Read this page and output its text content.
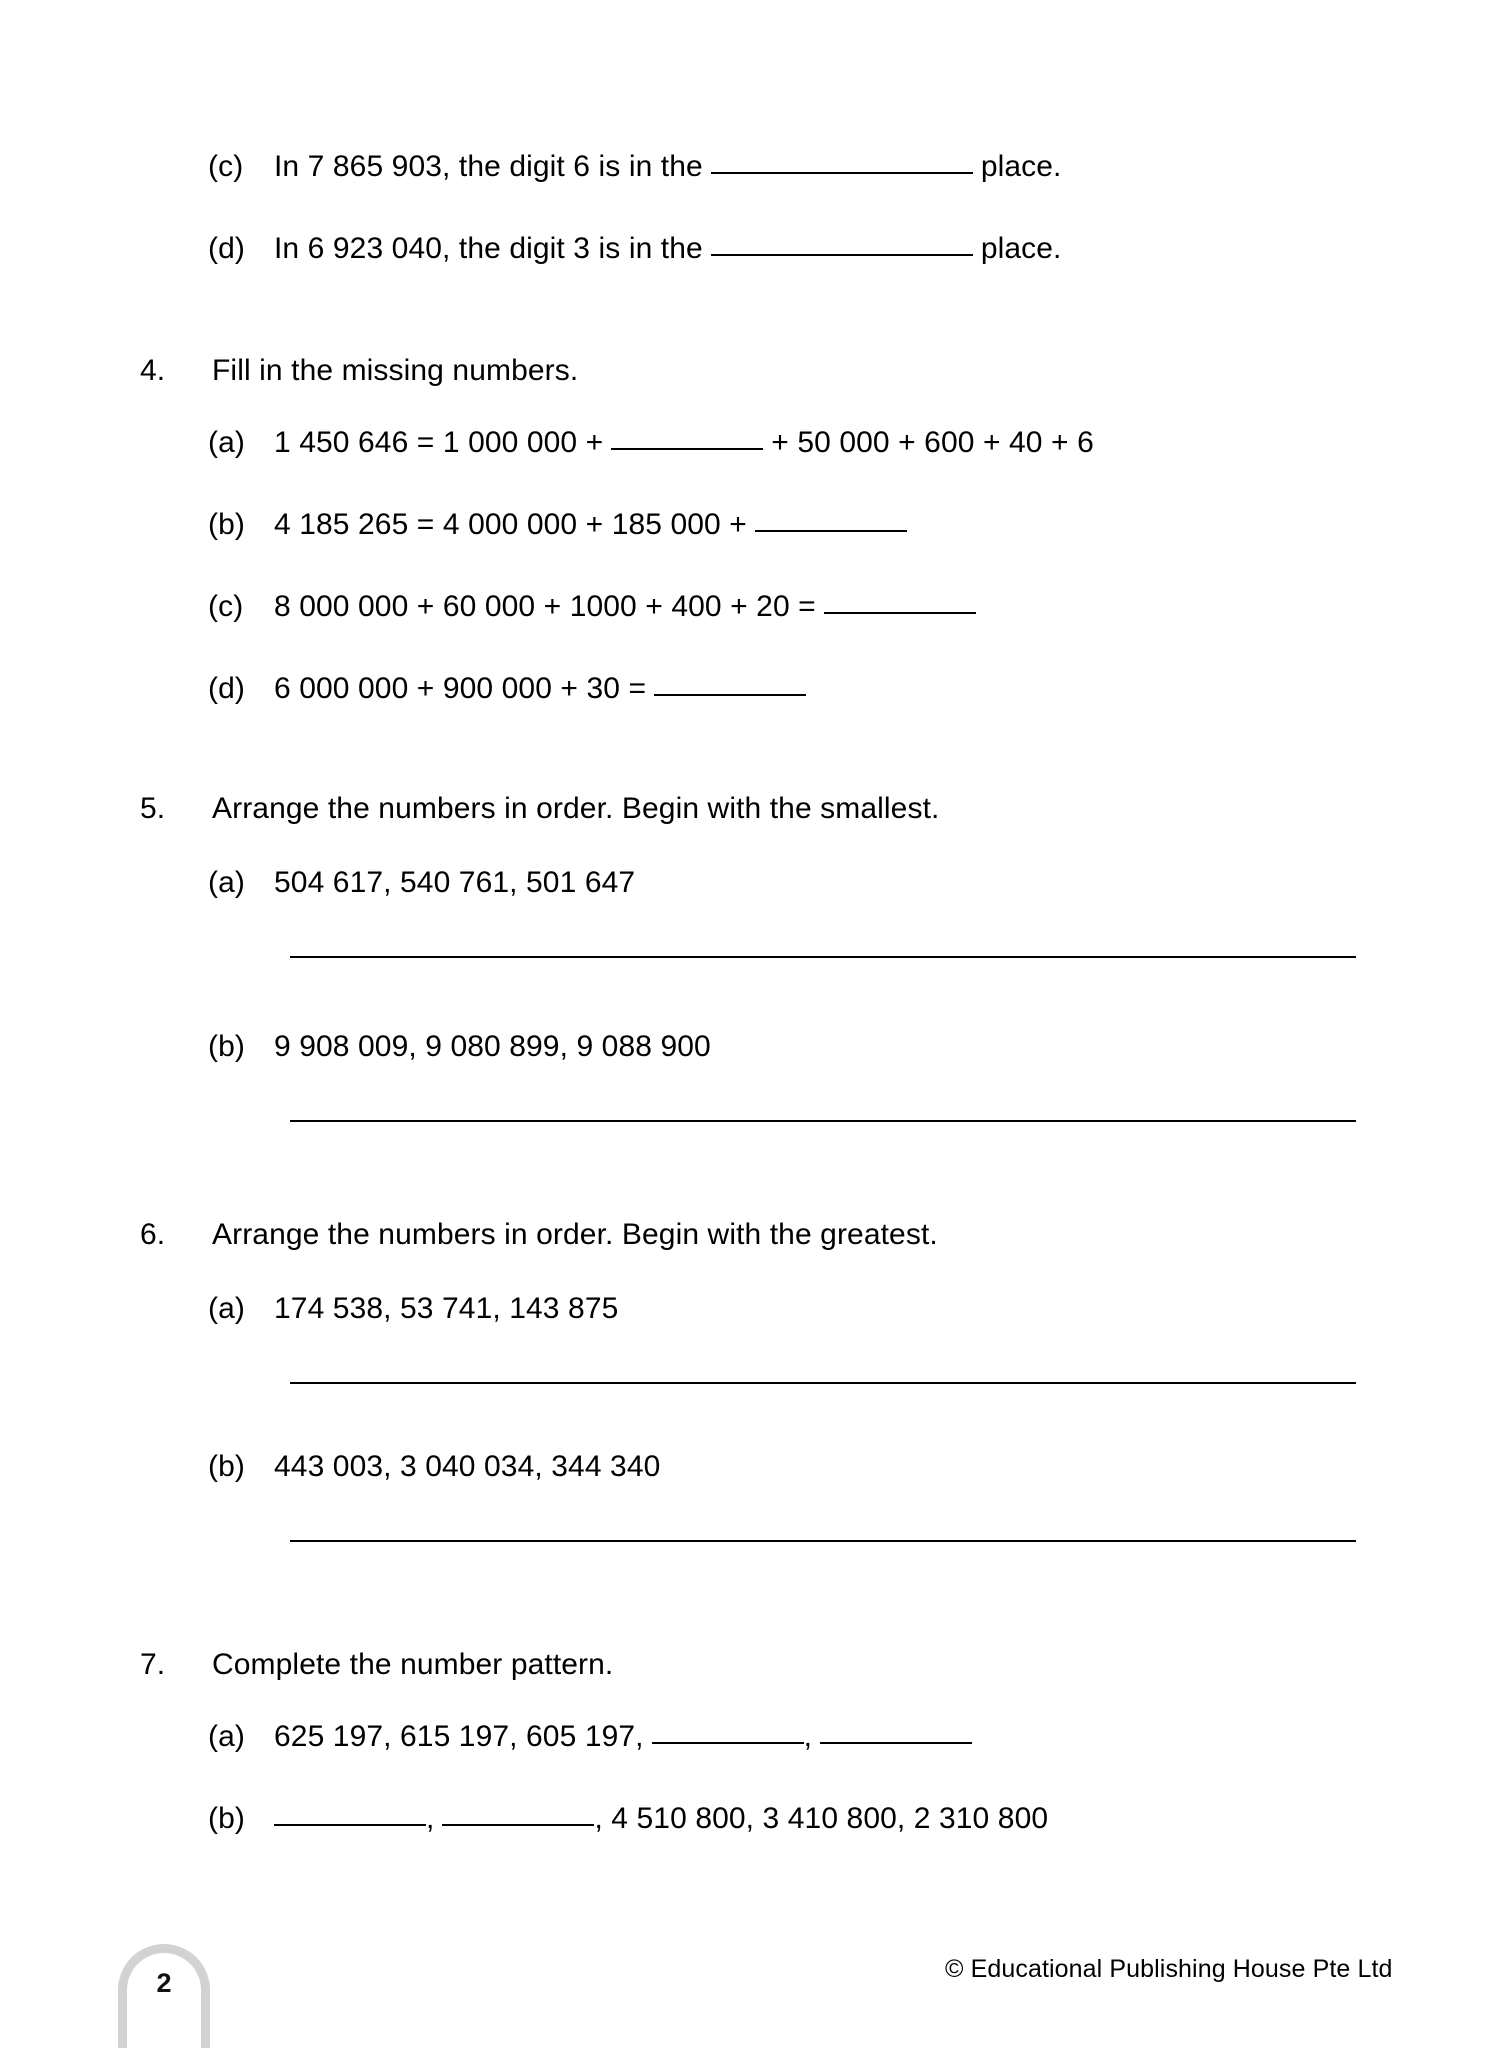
(c)	In 7 865 903, the digit 6 is in the	place.
(d) In 6 923 040, the digit 3 is in the	place.
4.	Fill in the missing numbers.
(a) 1 450 646 = 1 000 000 +	+ 50 000 + 600 + 40 + 6
(b) 4 185 265 = 4 000 000 + 185 000 +
(c)	8 000 000 + 60 000 + 1000 + 400 + 20 =
(d) 6 000 000 + 900 000 + 30 =
5.	Arrange the numbers in order. Begin with the smallest.
(a) 504 617, 540 761, 501 647
(b) 9 908 009, 9 080 899, 9 088 900
6.	Arrange the numbers in order. Begin with the greatest.
(a) 174 538, 53 741, 143 875
(b) 443 003, 3 040 034, 344 340
7.	Complete the number pattern.
(a) 625 197, 615 197, 605 197,	,
(b)	,	, 4 510 800, 3 410 800, 2 310 800
2	© Educational Publishing House Pte Ltd
